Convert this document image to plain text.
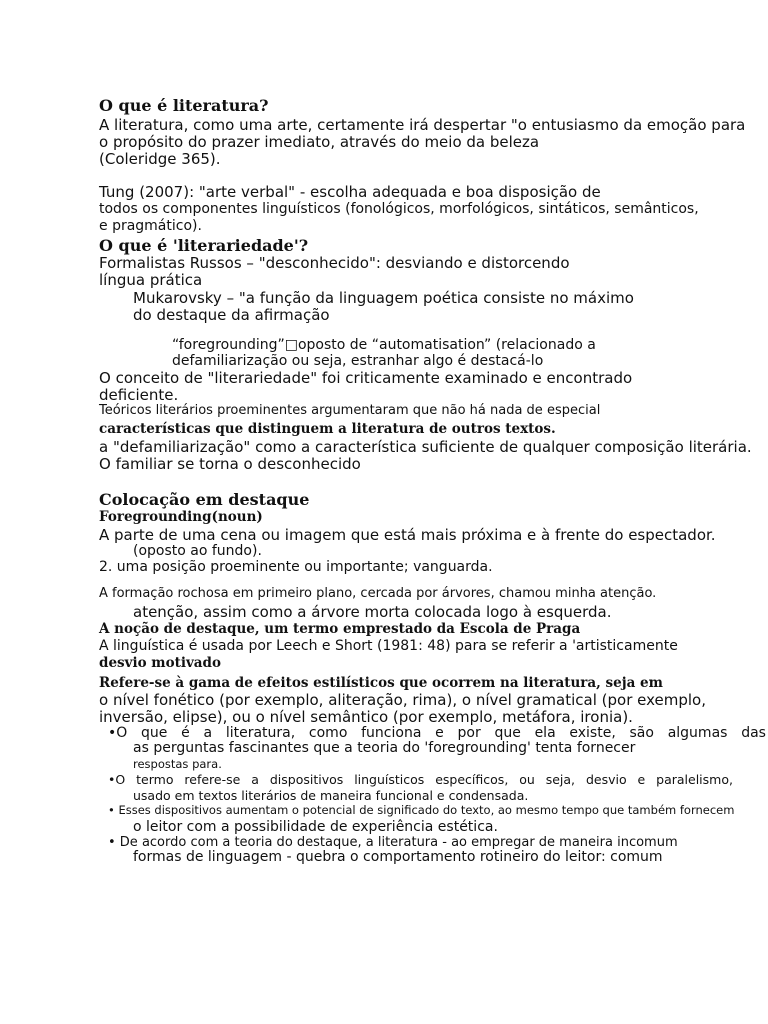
O que é literatura?
A literatura, como uma arte, certamente irá despertar "o entusiasmo da emoção para
o propósito do prazer imediato, através do meio da beleza
(Coleridge 365).
Tung (2007): "arte verbal" - escolha adequada e boa disposição de
todos os componentes linguísticos (fonológicos, morfológicos, sintáticos, semânticos,
e pragmático).
O que é 'literariedade'?
Formalistas Russos – "desconhecido": desviando e distorcendo
língua prática
Mukarovsky – "a função da linguagem poética consiste no máximo
do destaque da afirmação
“foregrounding”□oposto de “automatisation” (relacionado a
defamiliarização ou seja, estranhar algo é destacá-lo
O conceito de "literariedade" foi criticamente examinado e encontrado
deficiente.
Teóricos literários proeminentes argumentaram que não há nada de especial
características que distinguem a literatura de outros textos.
a "defamiliarização" como a característica suficiente de qualquer composição literária.
O familiar se torna o desconhecido
Colocação em destaque
Foregrounding(noun)
A parte de uma cena ou imagem que está mais próxima e à frente do espectador.
(oposto ao fundo).
2. uma posição proeminente ou importante; vanguarda.
A formação rochosa em primeiro plano, cercada por árvores, chamou minha atenção.
atenção, assim como a árvore morta colocada logo à esquerda.
A noção de destaque, um termo emprestado da Escola de Praga
A linguística é usada por Leech e Short (1981: 48) para se referir a 'artisticamente
desvio motivado
Refere-se à gama de efeitos estilísticos que ocorrem na literatura, seja em
o nível fonético (por exemplo, aliteração, rima), o nível gramatical (por exemplo,
inversão, elipse), ou o nível semântico (por exemplo, metáfora, ironia).
•O que é a literatura, como funciona e por que ela existe, são algumas das
as perguntas fascinantes que a teoria do 'foregrounding' tenta fornecer
respostas para.
•O termo refere-se a dispositivos linguísticos específicos, ou seja, desvio e paralelismo,
usado em textos literários de maneira funcional e condensada.
• Esses dispositivos aumentam o potencial de significado do texto, ao mesmo tempo que também fornecem
o leitor com a possibilidade de experiência estética.
• De acordo com a teoria do destaque, a literatura - ao empregar de maneira incomum
formas de linguagem - quebra o comportamento rotineiro do leitor: comum
